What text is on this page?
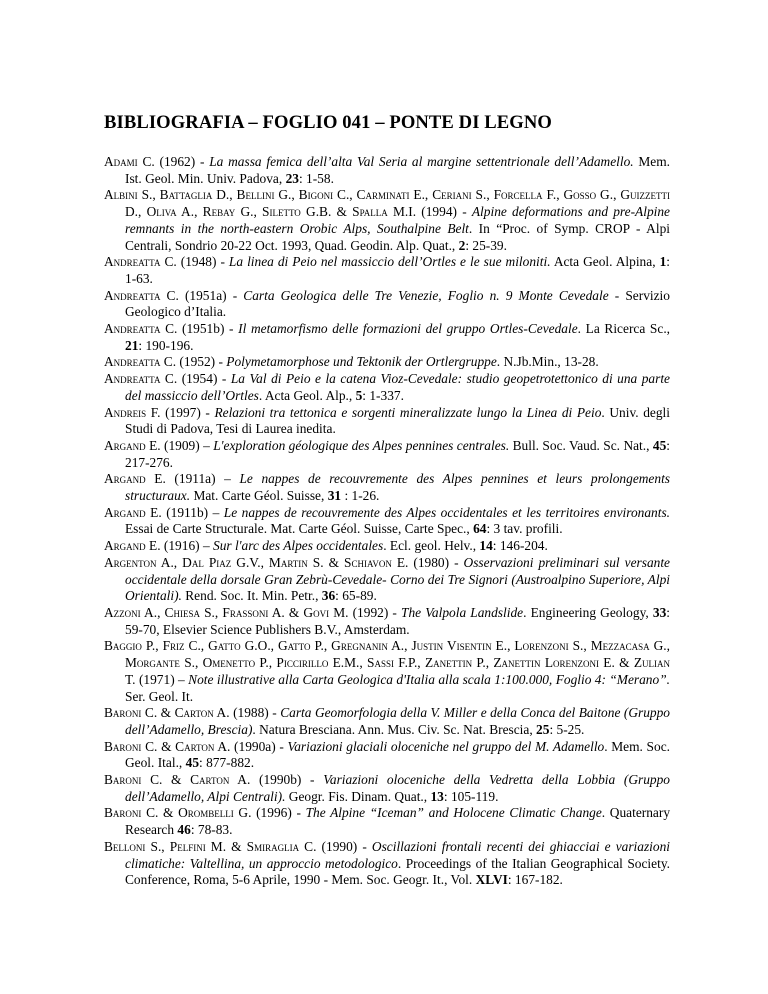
BIBLIOGRAFIA – FOGLIO 041 – PONTE DI LEGNO
Adami C. (1962) - La massa femica dell’alta Val Seria al margine settentrionale dell’Adamello. Mem. Ist. Geol. Min. Univ. Padova, 23: 1-58.
Albini S., Battaglia D., Bellini G., Bigoni C., Carminati E., Ceriani S., Forcella F., Gosso G., Guizzetti D., Oliva A., Rebay G., Siletto G.B. & Spalla M.I. (1994) - Alpine deformations and pre-Alpine remnants in the north-eastern Orobic Alps, Southalpine Belt. In “Proc. of Symp. CROP - Alpi Centrali, Sondrio 20-22 Oct. 1993, Quad. Geodin. Alp. Quat., 2: 25-39.
Andreatta C. (1948) - La linea di Peio nel massiccio dell’Ortles e le sue miloniti. Acta Geol. Alpina, 1: 1-63.
Andreatta C. (1951a) - Carta Geologica delle Tre Venezie, Foglio n. 9 Monte Cevedale - Servizio Geologico d’Italia.
Andreatta C. (1951b) - Il metamorfismo delle formazioni del gruppo Ortles-Cevedale. La Ricerca Sc., 21: 190-196.
Andreatta C. (1952) - Polymetamorphose und Tektonik der Ortlergruppe. N.Jb.Min., 13-28.
Andreatta C. (1954) - La Val di Peio e la catena Vioz-Cevedale: studio geopetrotettonico di una parte del massiccio dell’Ortles. Acta Geol. Alp., 5: 1-337.
Andreis F. (1997) - Relazioni tra tettonica e sorgenti mineralizzate lungo la Linea di Peio. Univ. degli Studi di Padova, Tesi di Laurea inedita.
Argand E. (1909) – L'exploration géologique des Alpes pennines centrales. Bull. Soc. Vaud. Sc. Nat., 45: 217-276.
Argand E. (1911a) – Le nappes de recouvremente des Alpes pennines et leurs prolongements structuraux. Mat. Carte Géol. Suisse, 31 : 1-26.
Argand E. (1911b) – Le nappes de recouvremente des Alpes occidentales et les territoires environants. Essai de Carte Structurale. Mat. Carte Géol. Suisse, Carte Spec., 64: 3 tav. profili.
Argand E. (1916) – Sur l'arc des Alpes occidentales. Ecl. geol. Helv., 14: 146-204.
Argenton A., Dal Piaz G.V., Martin S. & Schiavon E. (1980) - Osservazioni preliminari sul versante occidentale della dorsale Gran Zebrù-Cevedale- Corno dei Tre Signori (Austroalpino Superiore, Alpi Orientali). Rend. Soc. It. Min. Petr., 36: 65-89.
Azzoni A., Chiesa S., Frassoni A. & Govi M. (1992) - The Valpola Landslide. Engineering Geology, 33: 59-70, Elsevier Science Publishers B.V., Amsterdam.
Baggio P., Friz C., Gatto G.O., Gatto P., Gregnanin A., Justin Visentin E., Lorenzoni S., Mezzacasa G., Morgante S., Omenetto P., Piccirillo E.M., Sassi F.P., Zanettin P., Zanettin Lorenzoni E. & Zulian T. (1971) – Note illustrative alla Carta Geologica d'Italia alla scala 1:100.000, Foglio 4: “Merano”. Ser. Geol. It.
Baroni C. & Carton A. (1988) - Carta Geomorfologia della V. Miller e della Conca del Baitone (Gruppo dell’Adamello, Brescia). Natura Bresciana. Ann. Mus. Civ. Sc. Nat. Brescia, 25: 5-25.
Baroni C. & Carton A. (1990a) - Variazioni glaciali oloceniche nel gruppo del M. Adamello. Mem. Soc. Geol. Ital., 45: 877-882.
Baroni C. & Carton A. (1990b) - Variazioni oloceniche della Vedretta della Lobbia (Gruppo dell’Adamello, Alpi Centrali). Geogr. Fis. Dinam. Quat., 13: 105-119.
Baroni C. & Orombelli G. (1996) - The Alpine “Iceman” and Holocene Climatic Change. Quaternary Research 46: 78-83.
Belloni S., Pelfini M. & Smiraglia C. (1990) - Oscillazioni frontali recenti dei ghiacciai e variazioni climatiche: Valtellina, un approccio metodologico. Proceedings of the Italian Geographical Society. Conference, Roma, 5-6 Aprile, 1990 - Mem. Soc. Geogr. It., Vol. XLVI: 167-182.
